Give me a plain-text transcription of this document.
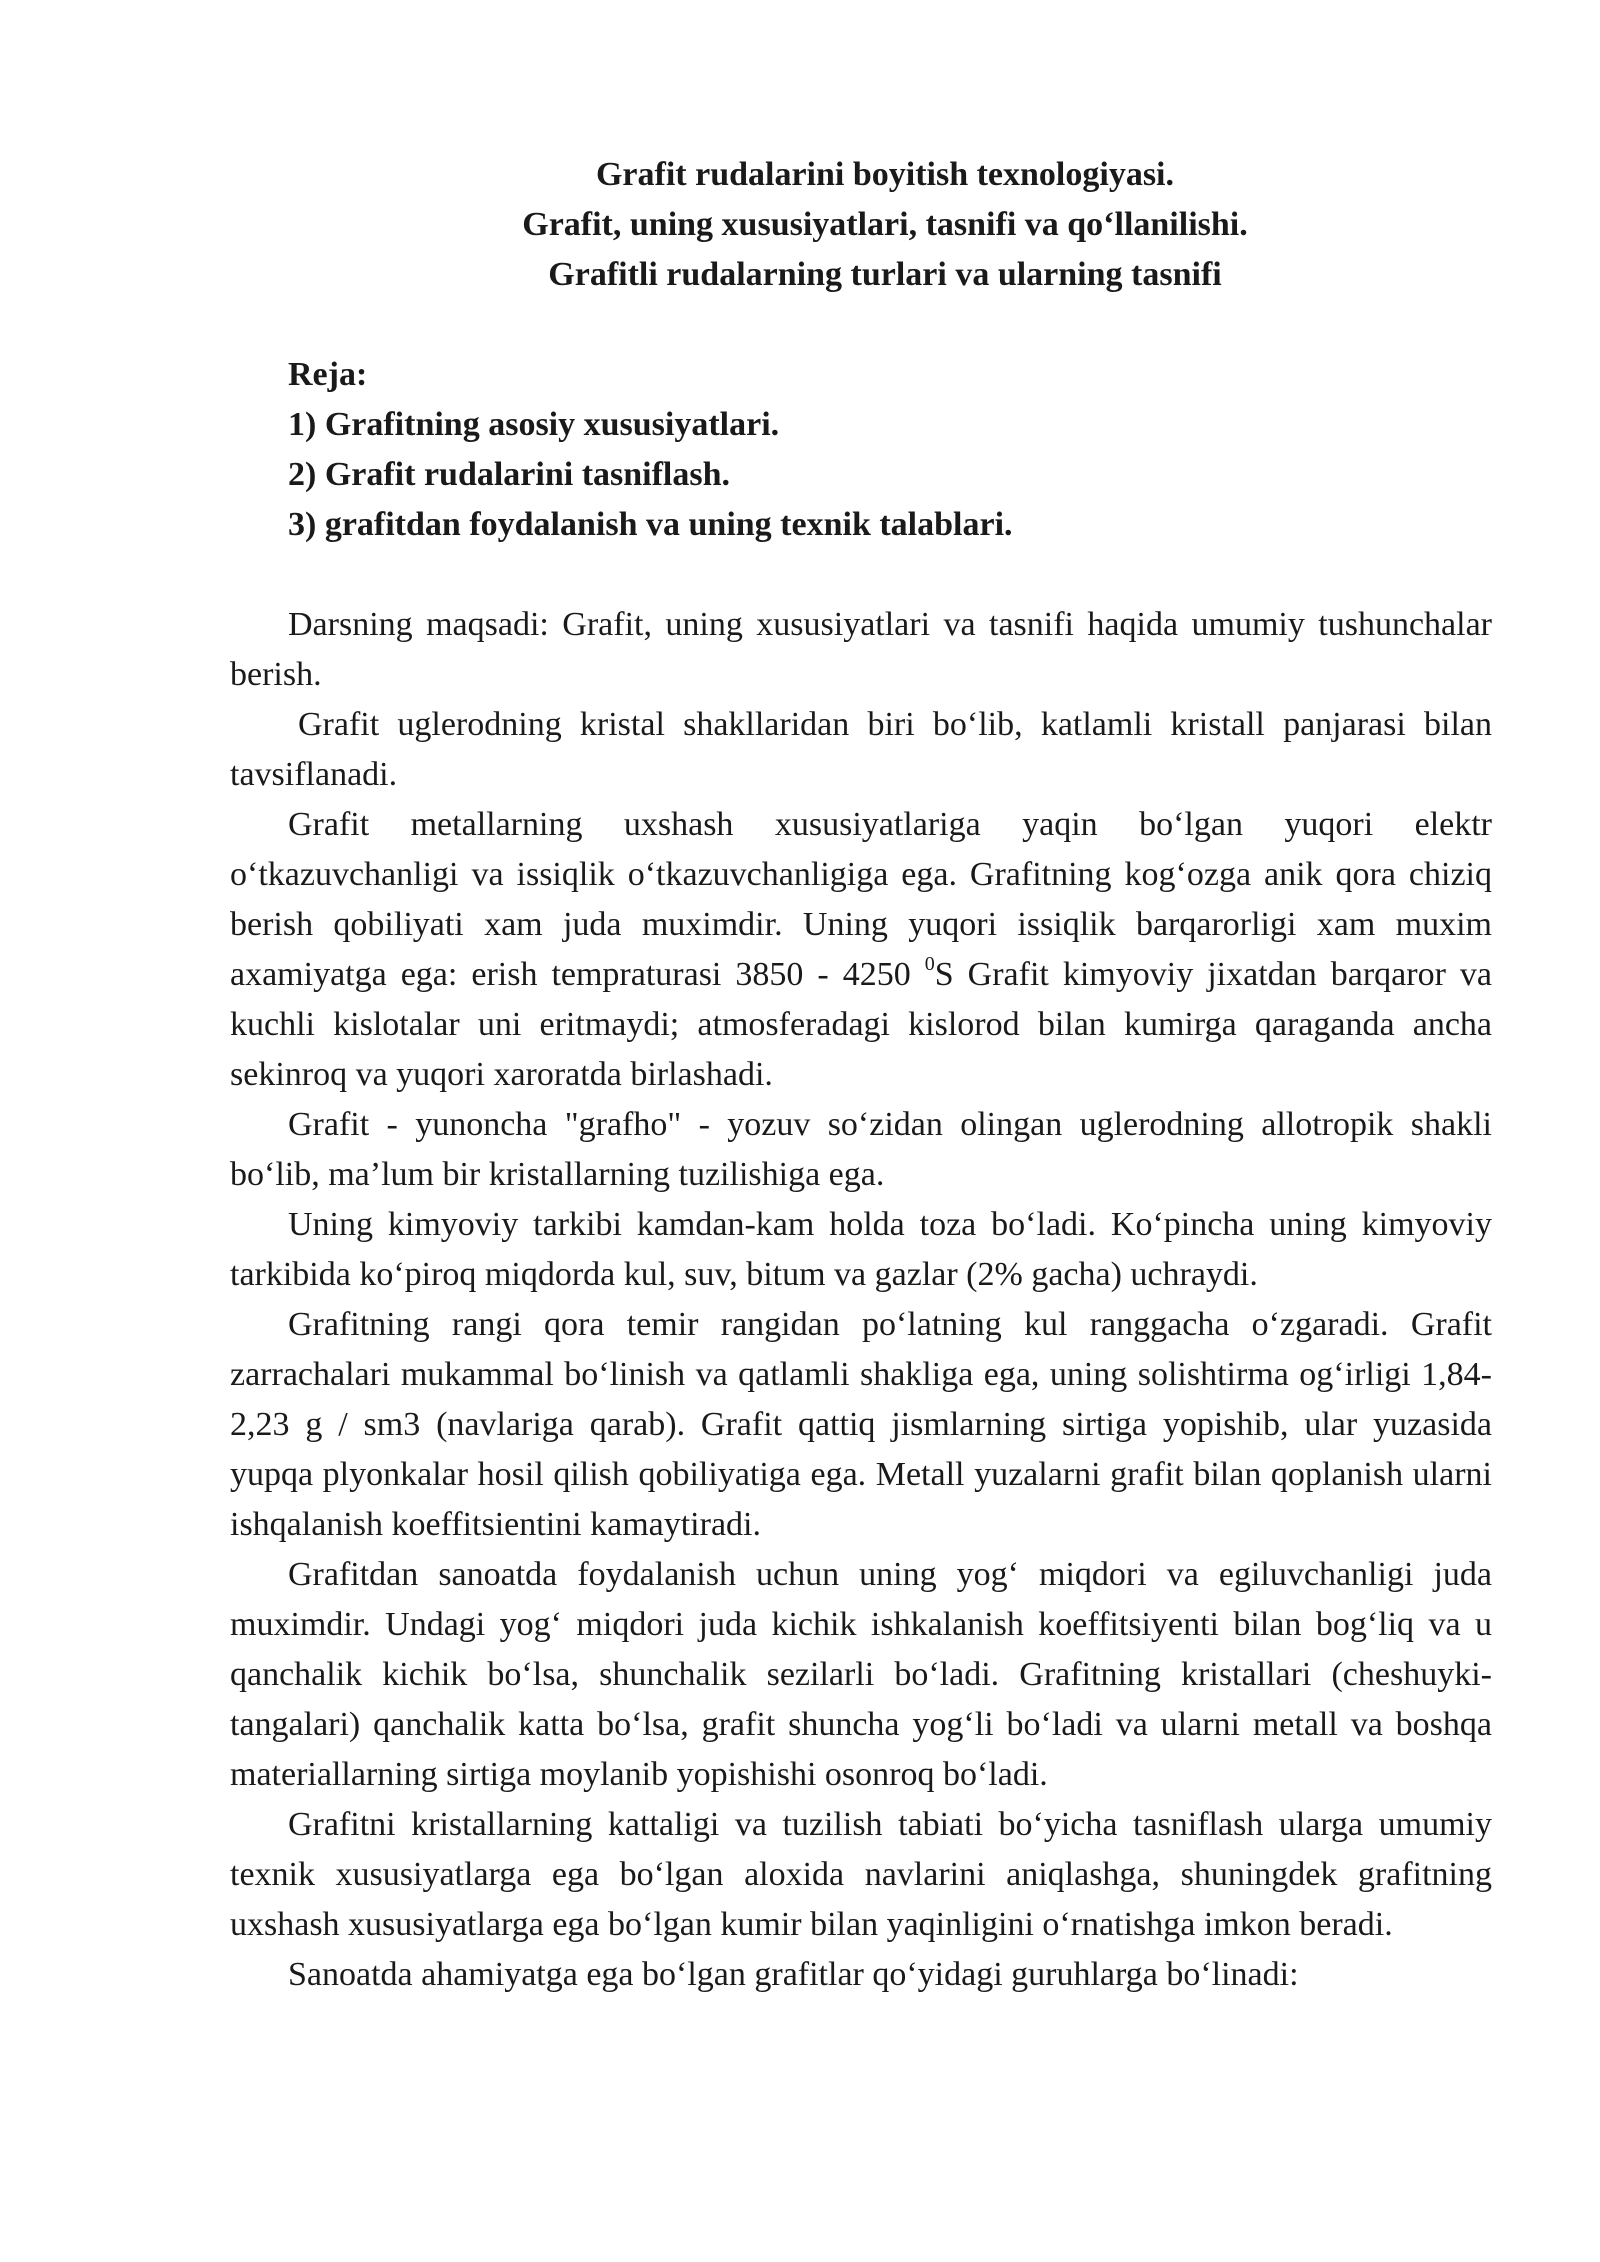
Grafit rudalarini boyitish texnologiyasi.
Grafit, uning xususiyatlari, tasnifi va qo‘llanilishi.
Grafitli rudalarning turlari va ularning tasnifi
Reja:
1) Grafitning asosiy xususiyatlari.
2) Grafit rudalarini tasniflash.
3) grafitdan foydalanish va uning texnik talablari.

Darsning maqsadi: Grafit, uning xususiyatlari va tasnifi haqida umumiy tushunchalar berish.

Grafit uglerodning kristal shakllaridan biri bo‘lib, katlamli kristall panjarasi bilan tavsiflanadi.

Grafit metallarning uxshash xususiyatlariga yaqin bo‘lgan yuqori elektr o‘tkazuvchanligi va issiqlik o‘tkazuvchanligiga ega. Grafitning kog‘ozga anik qora chiziq berish qobiliyati xam juda muximdir. Uning yuqori issiqlik barqarorligi xam muxim axamiyatga ega: erish tempraturasi 3850 - 4250 $^0$S Grafit kimyoviy jixatdan barqaror va kuchli kislotalar uni eritmaydi; atmosferadagi kislorod bilan kumirga qaraganda ancha sekinroq va yuqori xaroratda birlashadi.

Grafit - yunoncha "grafho" - yozuv so‘zidan olingan uglerodning allotropik shakli bo‘lib, ma’lum bir kristallarning tuzilishiga ega.

Uning kimyoviy tarkibi kamdan-kam holda toza bo‘ladi. Ko‘pincha uning kimyoviy tarkibida ko‘piroq miqdorda kul, suv, bitum va gazlar (2% gacha) uchraydi.

Grafitning rangi qora temir rangidan po‘latning kul ranggacha o‘zgaradi. Grafit zarrachalari mukammal bo‘linish va qatlamli shakliga ega, uning solishtirma og‘irligi 1,84-2,23 g / sm3 (navlariga qarab). Grafit qattiq jismlarning sirtiga yopishib, ular yuzasida yupqa plyonkalar hosil qilish qobiliyatiga ega. Metall yuzalarni grafit bilan qoplanish ularni ishqalanish koeffitsientini kamaytiradi.

Grafitdan sanoatda foydalanish uchun uning yog‘ miqdori va egiluvchanligi juda muximdir. Undagi yog‘ miqdori juda kichik ishkalanish koeffitsiyenti bilan bog‘liq va u qanchalik kichik bo‘lsa, shunchalik sezilarli bo‘ladi. Grafitning kristallari (cheshuyki- tangalari) qanchalik katta bo‘lsa, grafit shuncha yog‘li bo‘ladi va ularni metall va boshqa materiallarning sirtiga moylanib yopishishi osonroq bo‘ladi.

Grafitni kristallarning kattaligi va tuzilish tabiati bo‘yicha tasniflash ularga umumiy texnik xususiyatlarga ega bo‘lgan aloxida navlarini aniqlashga, shuningdek grafitning uxshash xususiyatlarga ega bo‘lgan kumir bilan yaqinligini o‘rnatishga imkon beradi.

Sanoatda ahamiyatga ega bo‘lgan grafitlar qo‘yidagi guruhlarga bo‘linadi:
